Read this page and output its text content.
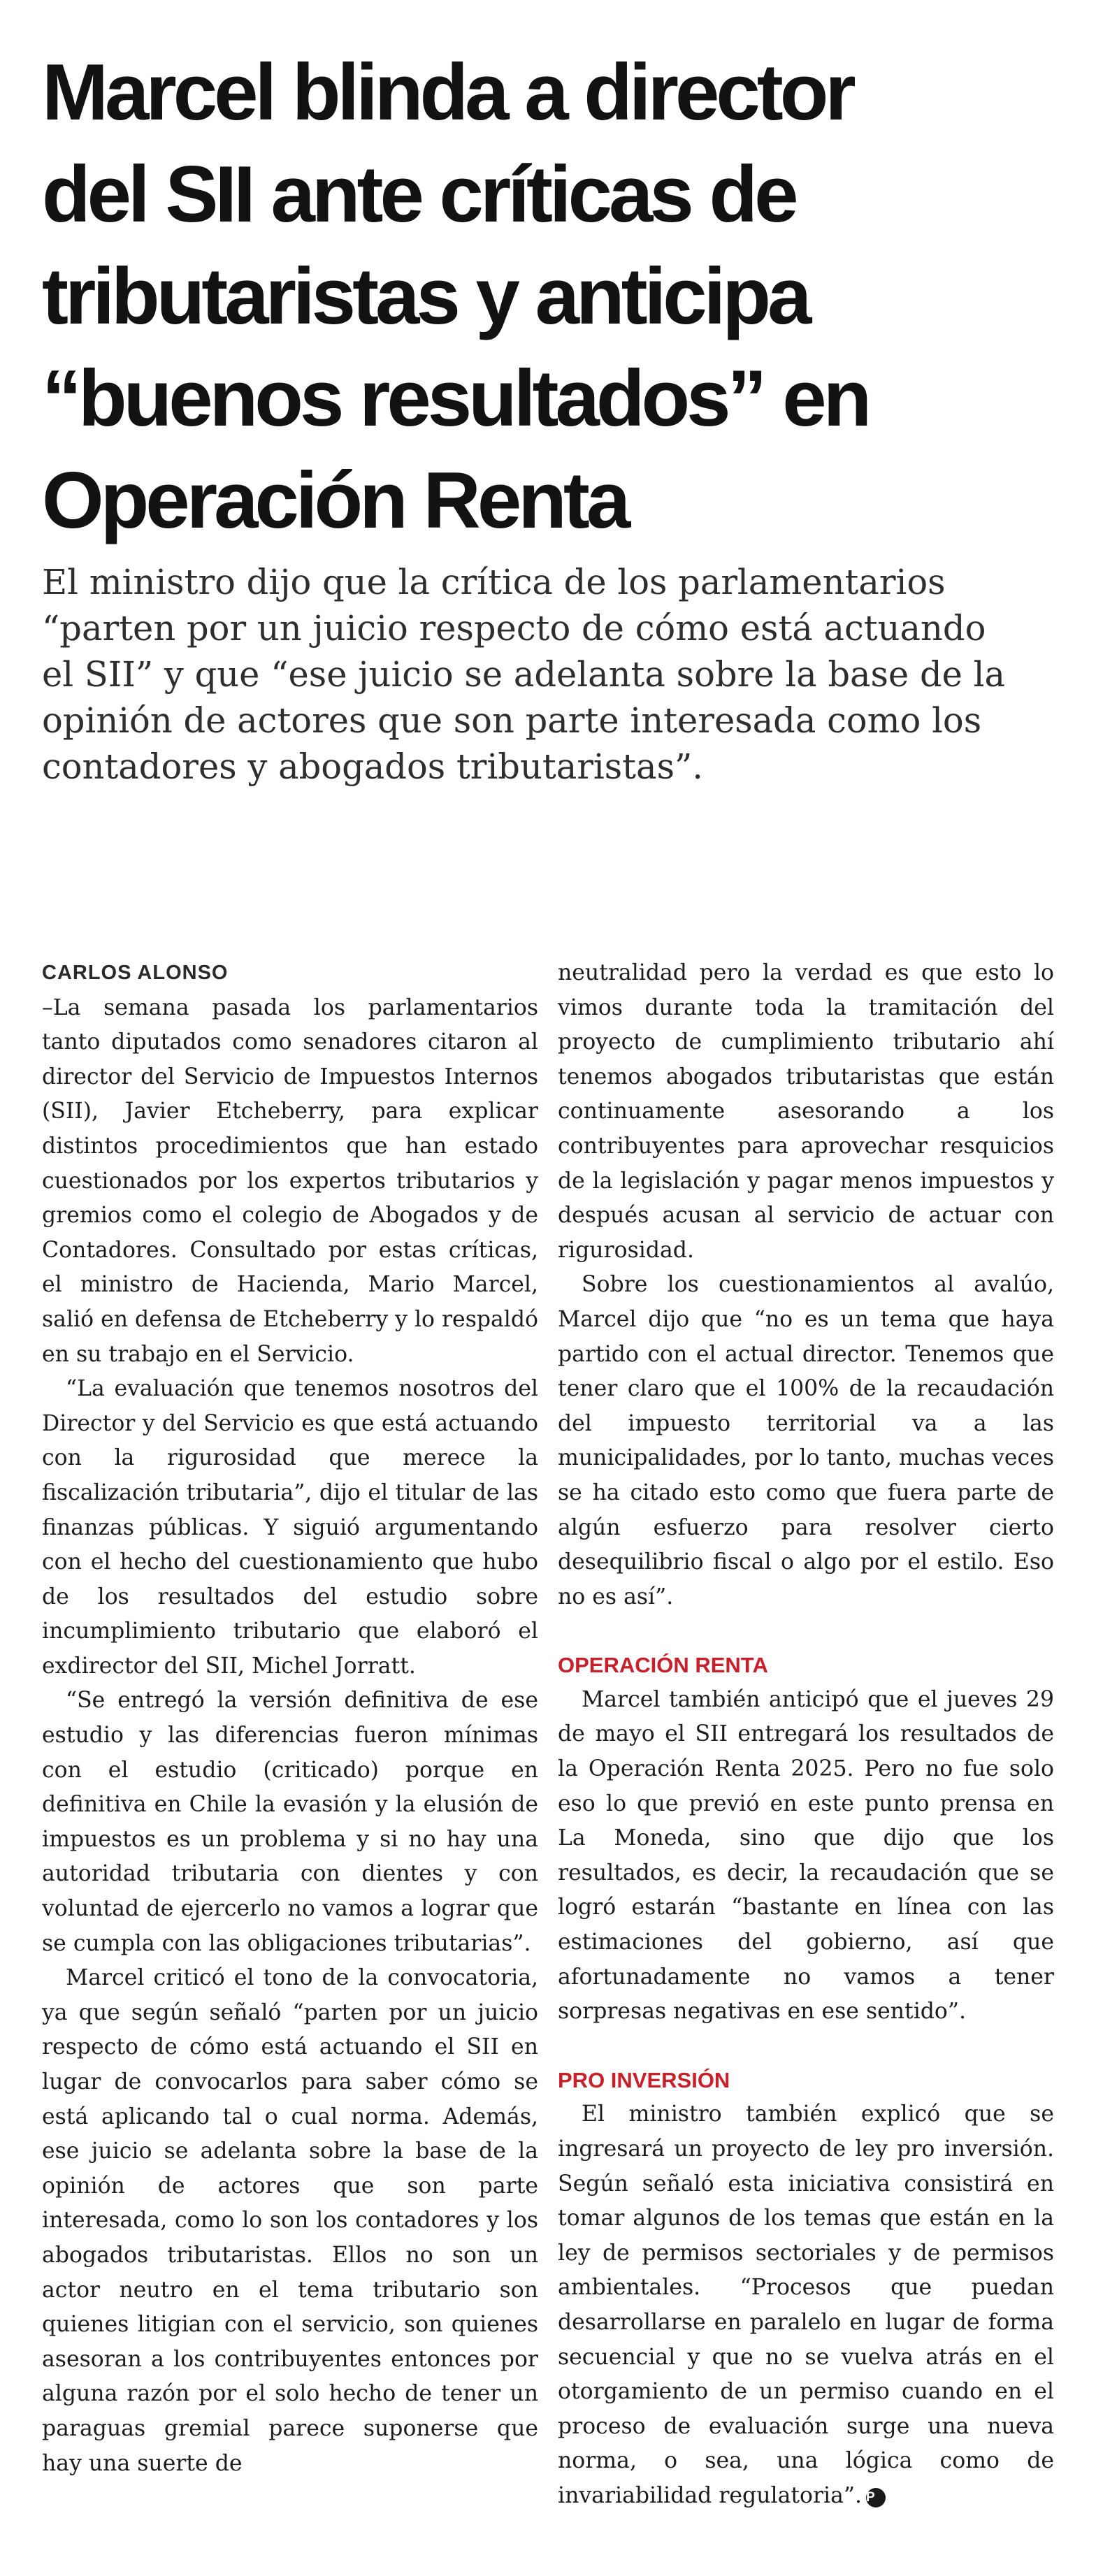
Marcel blinda a director
del SII ante críticas de
tributaristas y anticipa
“buenos resultados” en
Operación Renta

El ministro dijo que la crítica de los parlamentarios
“parten por un juicio respecto de cómo está actuando
el SII” y que “ese juicio se adelanta sobre la base de la
opinión de actores que son parte interesada como los
contadores y abogados tributaristas”.

CARLOS ALONSO

–La semana pasada los parlamentarios tanto diputados como senadores citaron al director del Servicio de Impuestos Internos (SII), Javier Etcheberry, para explicar distintos procedimientos que han estado cuestionados por los expertos tributarios y gremios como el colegio de Abogados y de Contadores. Consultado por estas críticas, el ministro de Hacienda, Mario Marcel, salió en defensa de Etcheberry y lo respaldó en su trabajo en el Servicio.

“La evaluación que tenemos nosotros del Director y del Servicio es que está actuando con la rigurosidad que merece la fiscalización tributaria”, dijo el titular de las finanzas públicas. Y siguió argumentando con el hecho del cuestionamiento que hubo de los resultados del estudio sobre incumplimiento tributario que elaboró el exdirector del SII, Michel Jorratt.

“Se entregó la versión definitiva de ese estudio y las diferencias fueron mínimas con el estudio (criticado) porque en definitiva en Chile la evasión y la elusión de impuestos es un problema y si no hay una autoridad tributaria con dientes y con voluntad de ejercerlo no vamos a lograr que se cumpla con las obligaciones tributarias”.

Marcel criticó el tono de la convocatoria, ya que según señaló “parten por un juicio respecto de cómo está actuando el SII en lugar de convocarlos para saber cómo se está aplicando tal o cual norma. Además, ese juicio se adelanta sobre la base de la opinión de actores que son parte interesada, como lo son los contadores y los abogados tributaristas. Ellos no son un actor neutro en el tema tributario son quienes litigian con el servicio, son quienes asesoran a los contribuyentes entonces por alguna razón por el solo hecho de tener un paraguas gremial parece suponerse que hay una suerte de

neutralidad pero la verdad es que esto lo vimos durante toda la tramitación del proyecto de cumplimiento tributario ahí tenemos abogados tributaristas que están continuamente asesorando a los contribuyentes para aprovechar resquicios de la legislación y pagar menos impuestos y después acusan al servicio de actuar con rigurosidad.

Sobre los cuestionamientos al avalúo, Marcel dijo que “no es un tema que haya partido con el actual director. Tenemos que tener claro que el 100% de la recaudación del impuesto territorial va a las municipalidades, por lo tanto, muchas veces se ha citado esto como que fuera parte de algún esfuerzo para resolver cierto desequilibrio fiscal o algo por el estilo. Eso no es así”.

OPERACIÓN RENTA

Marcel también anticipó que el jueves 29 de mayo el SII entregará los resultados de la Operación Renta 2025. Pero no fue solo eso lo que previó en este punto prensa en La Moneda, sino que dijo que los resultados, es decir, la recaudación que se logró estarán “bastante en línea con las estimaciones del gobierno, así que afortunadamente no vamos a tener sorpresas negativas en ese sentido”.

PRO INVERSIÓN

El ministro también explicó que se ingresará un proyecto de ley pro inversión. Según señaló esta iniciativa consistirá en tomar algunos de los temas que están en la ley de permisos sectoriales y de permisos ambientales. “Procesos que puedan desarrollarse en paralelo en lugar de forma secuencial y que no se vuelva atrás en el otorgamiento de un permiso cuando en el proceso de evaluación surge una nueva norma, o sea, una lógica como de invariabilidad regulatoria”. P
